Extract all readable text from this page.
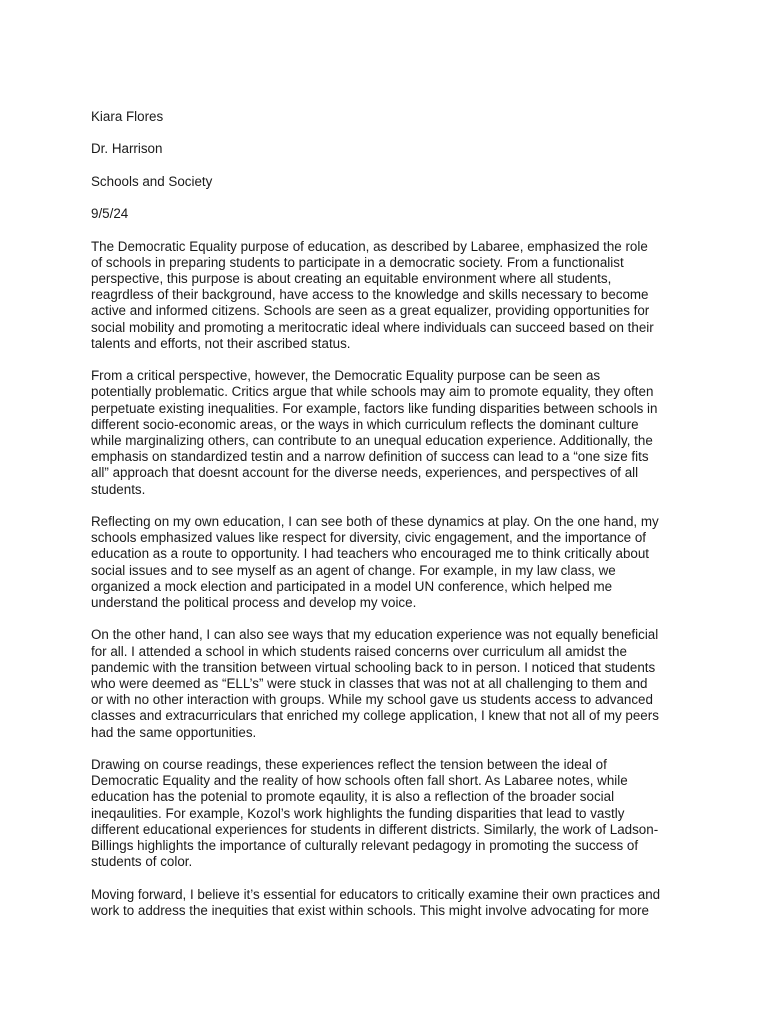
Kiara Flores
Dr. Harrison
Schools and Society
9/5/24
The Democratic Equality purpose of education, as described by Labaree, emphasized the role
of schools in preparing students to participate in a democratic society. From a functionalist
perspective, this purpose is about creating an equitable environment where all students,
reagrdless of their background, have access to the knowledge and skills necessary to become
active and informed citizens. Schools are seen as a great equalizer, providing opportunities for
social mobility and promoting a meritocratic ideal where individuals can succeed based on their
talents and efforts, not their ascribed status.
From a critical perspective, however, the Democratic Equality purpose can be seen as
potentially problematic. Critics argue that while schools may aim to promote equality, they often
perpetuate existing inequalities. For example, factors like funding disparities between schools in
different socio-economic areas, or the ways in which curriculum reflects the dominant culture
while marginalizing others, can contribute to an unequal education experience. Additionally, the
emphasis on standardized testin and a narrow definition of success can lead to a “one size fits
all” approach that doesnt account for the diverse needs, experiences, and perspectives of all
students.
Reflecting on my own education, I can see both of these dynamics at play. On the one hand, my
schools emphasized values like respect for diversity, civic engagement, and the importance of
education as a route to opportunity. I had teachers who encouraged me to think critically about
social issues and to see myself as an agent of change. For example, in my law class, we
organized a mock election and participated in a model UN conference, which helped me
understand the political process and develop my voice.
On the other hand, I can also see ways that my education experience was not equally beneficial
for all. I attended a school in which students raised concerns over curriculum all amidst the
pandemic with the transition between virtual schooling back to in person. I noticed that students
who were deemed as “ELL’s” were stuck in classes that was not at all challenging to them and
or with no other interaction with groups. While my school gave us students access to advanced
classes and extracurriculars that enriched my college application, I knew that not all of my peers
had the same opportunities.
Drawing on course readings, these experiences reflect the tension between the ideal of
Democratic Equality and the reality of how schools often fall short. As Labaree notes, while
education has the potenial to promote eqaulity, it is also a reflection of the broader social
ineqaulities. For example, Kozol’s work highlights the funding disparities that lead to vastly
different educational experiences for students in different districts. Similarly, the work of Ladson-
Billings highlights the importance of culturally relevant pedagogy in promoting the success of
students of color.
Moving forward, I believe it’s essential for educators to critically examine their own practices and
work to address the inequities that exist within schools. This might involve advocating for more
